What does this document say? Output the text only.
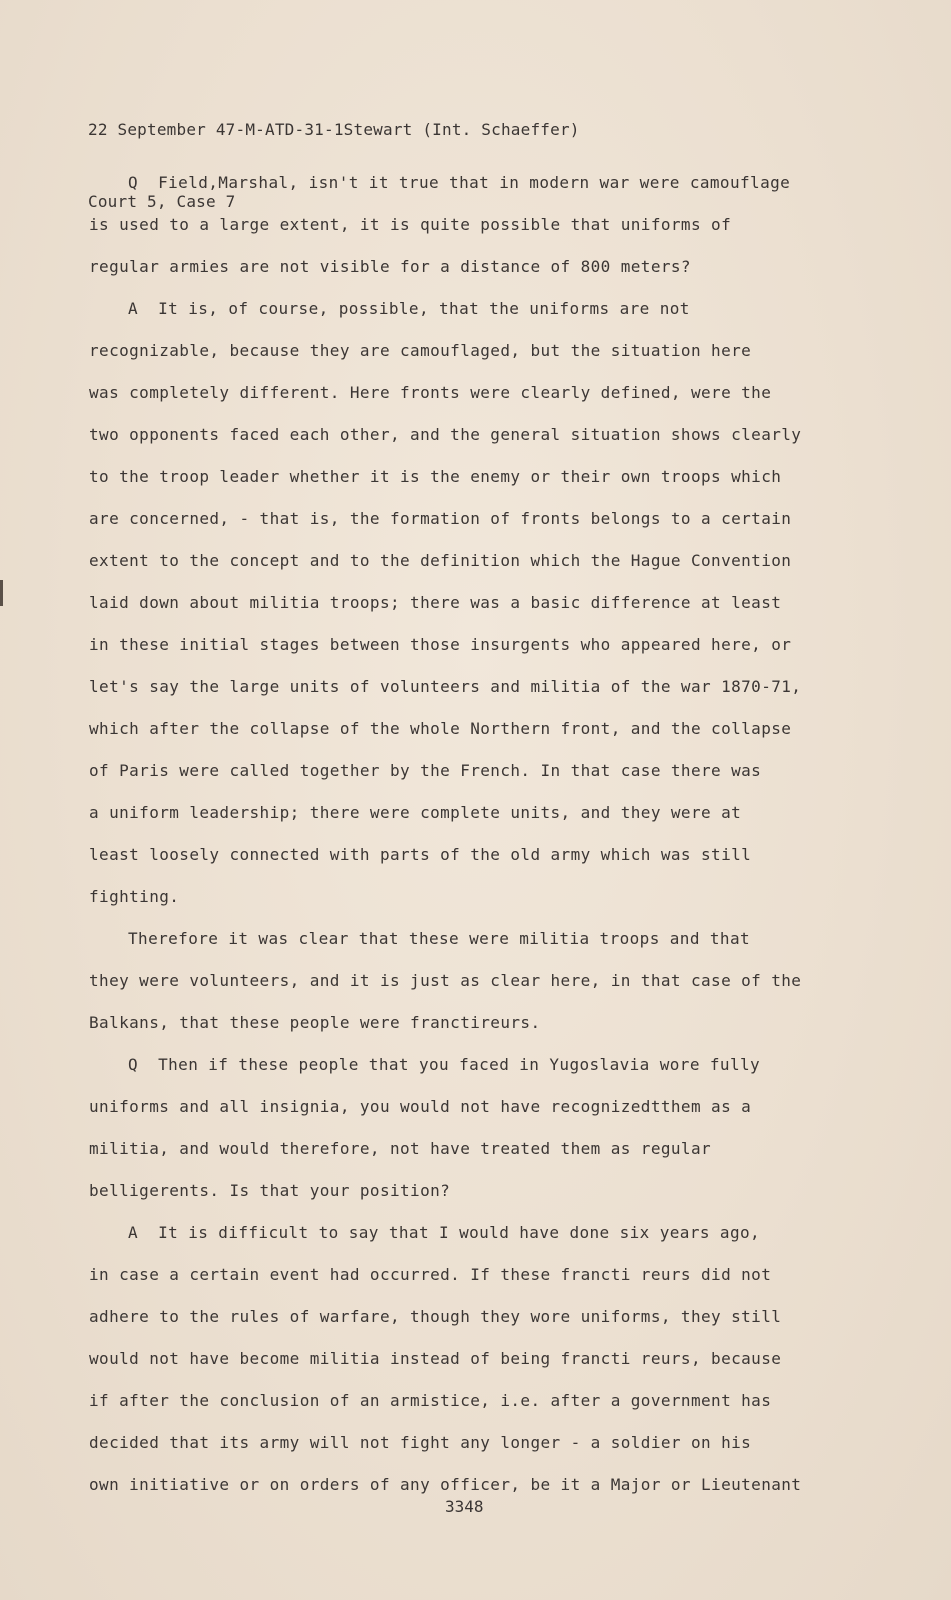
22 September 47-M-ATD-31-1Stewart (Int. Schaeffer)

Court 5, Case 7

Q  Field,Marshal, isn't it true that in modern war were camouflage
is used to a large extent, it is quite possible that uniforms of
regular armies are not visible for a distance of 800 meters?
A  It is, of course, possible, that the uniforms are not
recognizable, because they are camouflaged, but the situation here
was completely different. Here fronts were clearly defined, were the
two opponents faced each other, and the general situation shows clearly
to the troop leader whether it is the enemy or their own troops which
are concerned, - that is, the formation of fronts belongs to a certain
extent to the concept and to the definition which the Hague Convention
laid down about militia troops; there was a basic difference at least
in these initial stages between those insurgents who appeared here, or
let's say the large units of volunteers and militia of the war 1870-71,
which after the collapse of the whole Northern front, and the collapse
of Paris were called together by the French. In that case there was
a uniform leadership; there were complete units, and they were at
least loosely connected with parts of the old army which was still
fighting.
Therefore it was clear that these were militia troops and that
they were volunteers, and it is just as clear here, in that case of the
Balkans, that these people were franctireurs.
Q  Then if these people that you faced in Yugoslavia wore fully
uniforms and all insignia, you would not have recognizedtthem as a
militia, and would therefore, not have treated them as regular
belligerents. Is that your position?
A  It is difficult to say that I would have done six years ago,
in case a certain event had occurred. If these francti reurs did not
adhere to the rules of warfare, though they wore uniforms, they still
would not have become militia instead of being francti reurs, because
if after the conclusion of an armistice, i.e. after a government has
decided that its army will not fight any longer - a soldier on his
own initiative or on orders of any officer, be it a Major or Lieutenant
3348
